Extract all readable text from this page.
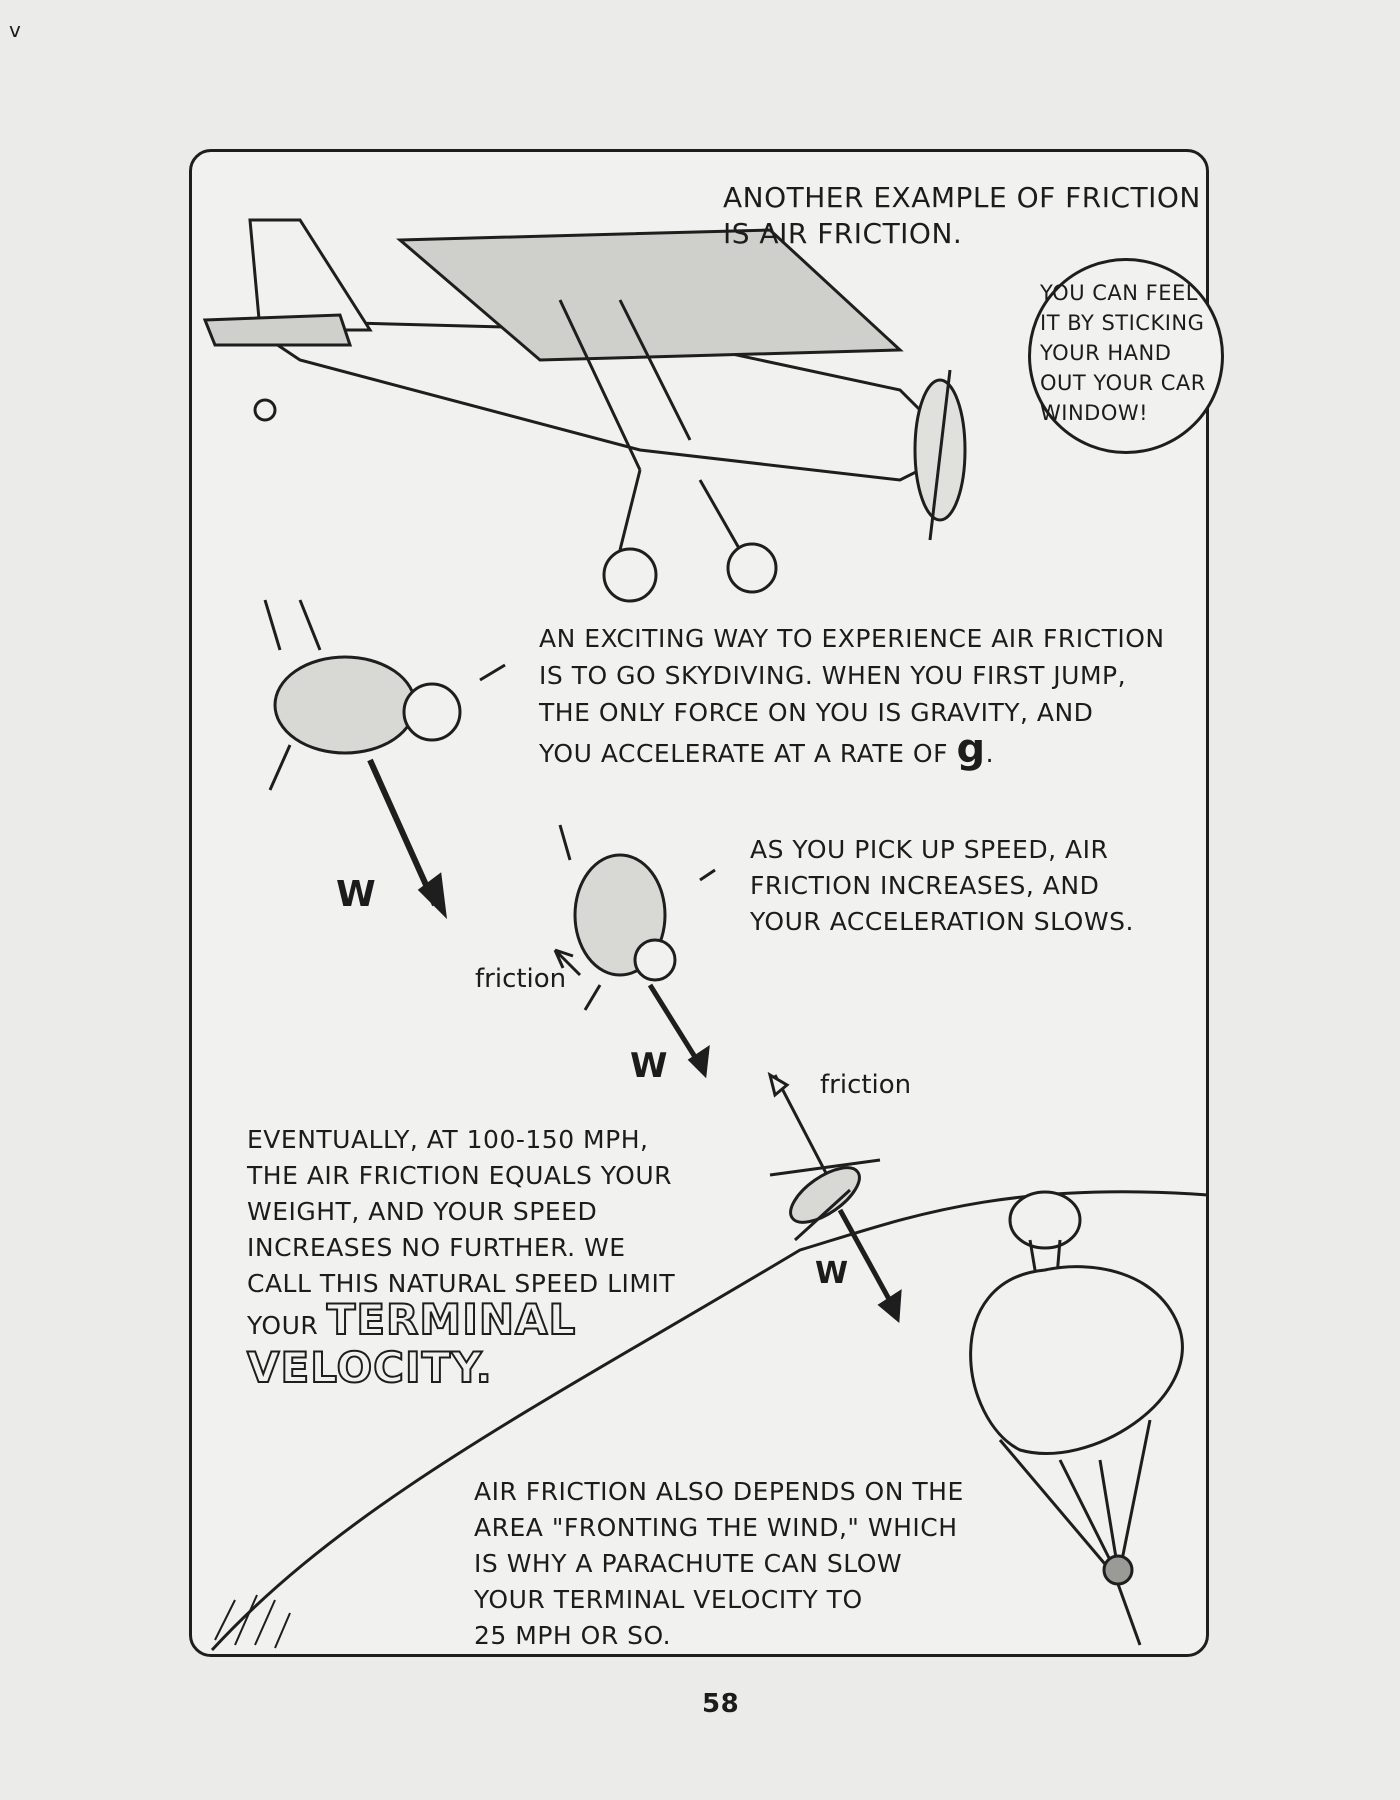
v
ANOTHER EXAMPLE OF FRICTION
IS AIR FRICTION.
YOU CAN FEEL
IT BY STICKING
YOUR HAND
OUT YOUR CAR
WINDOW!
AN EXCITING WAY TO EXPERIENCE AIR FRICTION
IS TO GO SKYDIVING. WHEN YOU FIRST JUMP,
THE ONLY FORCE ON YOU IS GRAVITY, AND
YOU ACCELERATE AT A RATE OF g.
AS YOU PICK UP SPEED, AIR
FRICTION INCREASES, AND
YOUR ACCELERATION SLOWS.
EVENTUALLY, AT 100-150 MPH,
THE AIR FRICTION EQUALS YOUR
WEIGHT, AND YOUR SPEED
INCREASES NO FURTHER. WE
CALL THIS NATURAL SPEED LIMIT
YOUR TERMINAL
VELOCITY.
AIR FRICTION ALSO DEPENDS ON THE
AREA "FRONTING THE WIND," WHICH
IS WHY A PARACHUTE CAN SLOW
YOUR TERMINAL VELOCITY TO
25 MPH OR SO.
W
friction
W	friction
W
58
